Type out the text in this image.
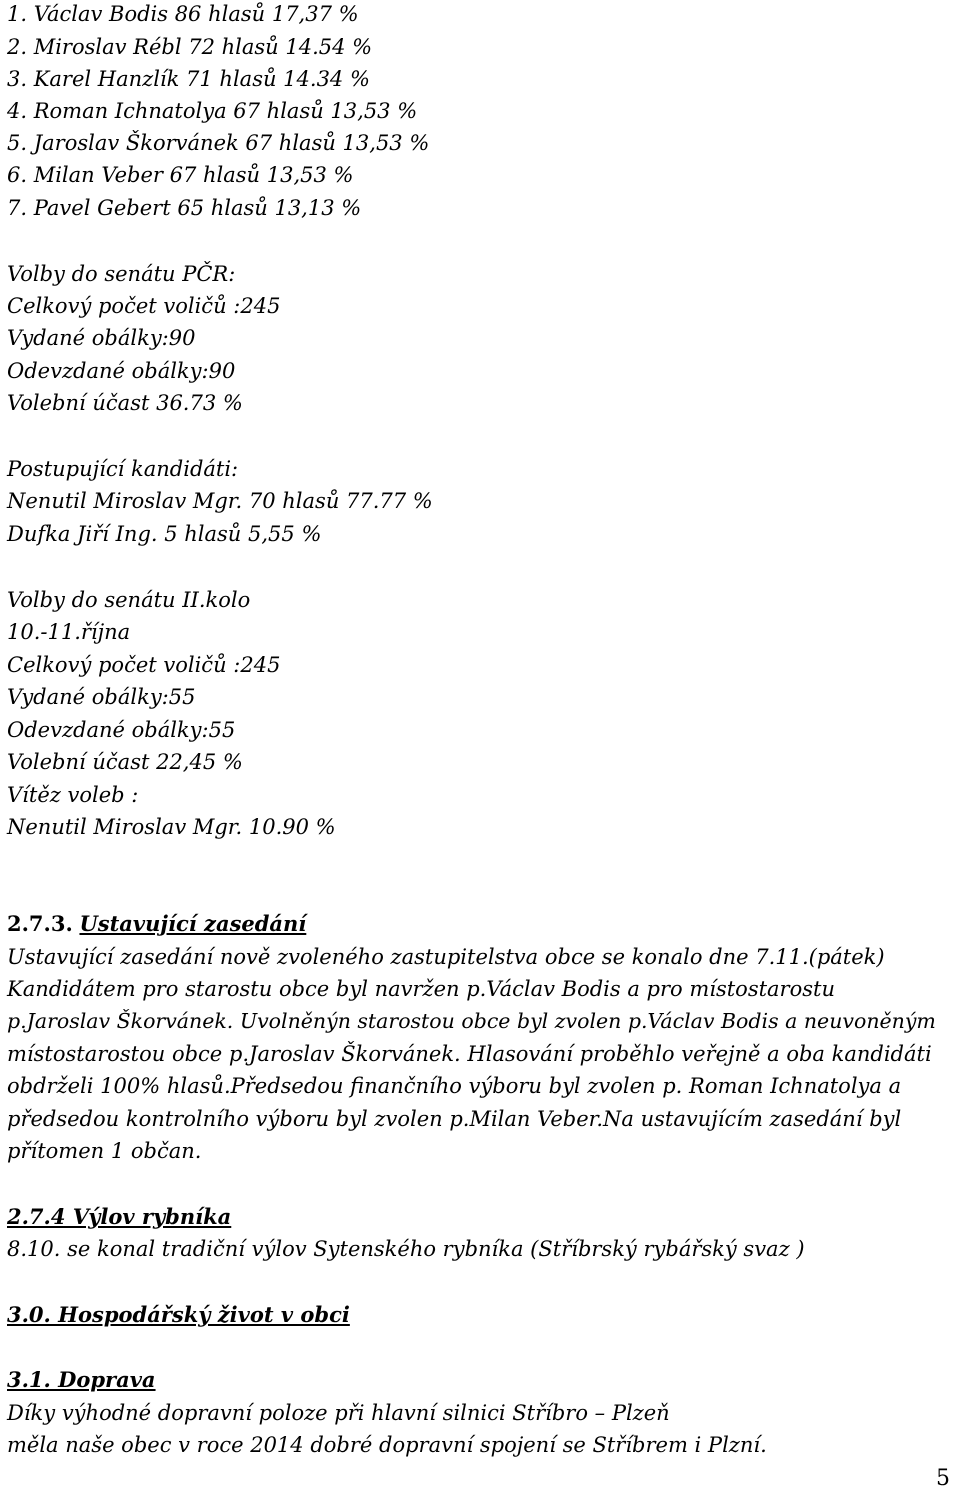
1. Václav Bodis 86 hlasů 17,37 %
2. Miroslav Rébl 72 hlasů 14.54 %
3. Karel Hanzlík 71 hlasů 14.34 %
4. Roman Ichnatolya 67 hlasů 13,53 %
5. Jaroslav Škorvánek 67 hlasů 13,53 %
6. Milan Veber 67 hlasů 13,53 %
7. Pavel Gebert 65 hlasů 13,13 %
Volby do senátu PČR:
Celkový počet voličů :245
Vydané obálky:90
Odevzdané obálky:90
Volební účast 36.73 %
Postupující kandidáti:
Nenutil Miroslav Mgr. 70 hlasů 77.77 %
Dufka Jiří Ing. 5 hlasů 5,55 %
Volby do senátu II.kolo
10.-11.října
Celkový počet voličů :245
Vydané obálky:55
Odevzdané obálky:55
Volební účast 22,45 %
Vítěz voleb :
Nenutil Miroslav Mgr. 10.90 %
2.7.3. Ustavující zasedání
Ustavující zasedání nově zvoleného zastupitelstva obce se konalo dne 7.11.(pátek)
Kandidátem pro starostu obce byl navržen p.Václav Bodis a pro místostarostu
p.Jaroslav Škorvánek. Uvolněnýn starostou obce byl zvolen p.Václav Bodis a neuvoněným
místostarostou obce p.Jaroslav Škorvánek. Hlasování proběhlo veřejně a oba kandidáti
obdrželi 100% hlasů.Předsedou finančního výboru byl zvolen p. Roman Ichnatolya a
předsedou kontrolního výboru byl zvolen p.Milan Veber.Na ustavujícím zasedání byl
přítomen 1 občan.
2.7.4 Výlov rybníka
8.10. se konal tradiční výlov Sytenského rybníka (Stříbrský rybářský svaz )
3.0. Hospodářský život v obci
3.1. Doprava
Díky výhodné dopravní poloze při hlavní silnici Stříbro – Plzeň
měla naše obec v roce 2014 dobré dopravní spojení se Stříbrem i Plzní.
5
